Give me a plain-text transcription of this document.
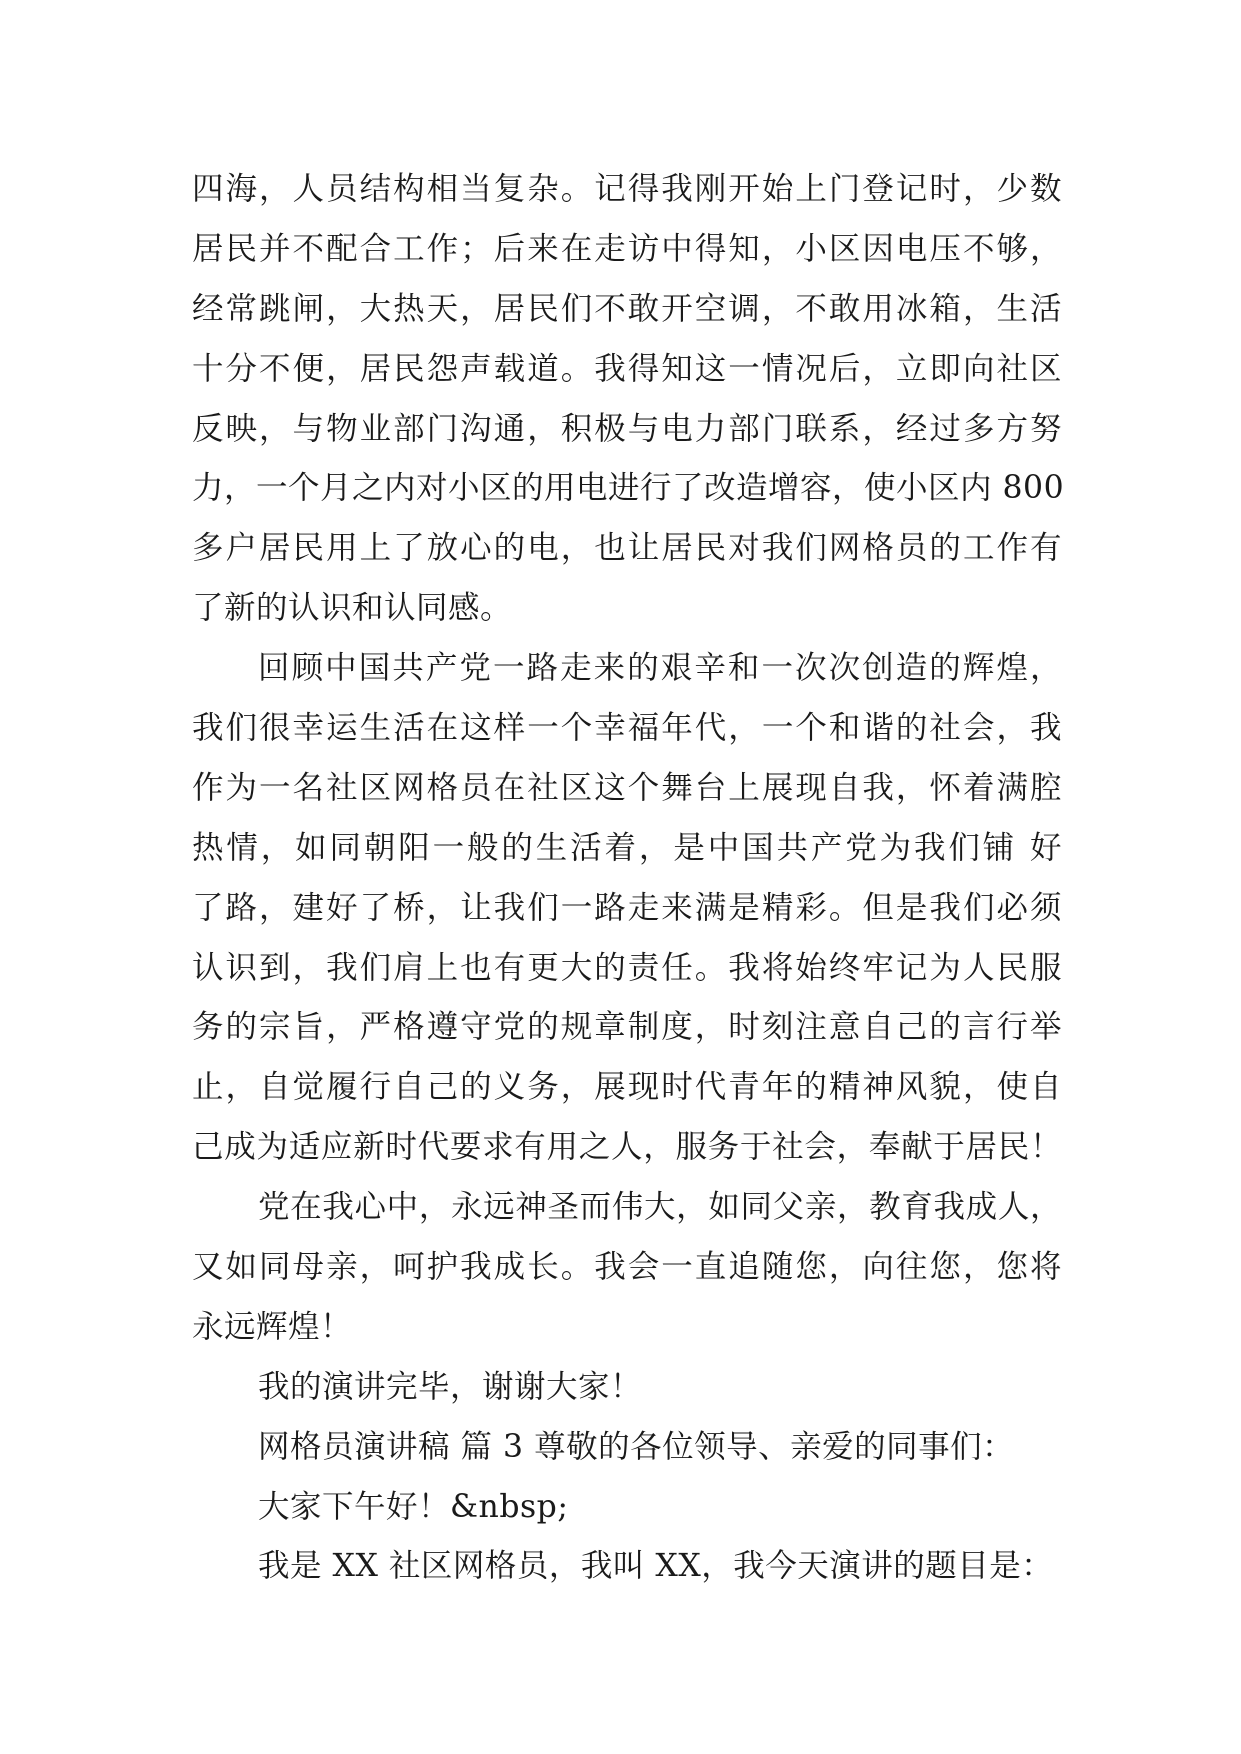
四海，人员结构相当复杂。记得我刚开始上门登记时，少数
居民并不配合工作；后来在走访中得知，小区因电压不够，
经常跳闸，大热天，居民们不敢开空调，不敢用冰箱，生活
十分不便，居民怨声载道。我得知这一情况后，立即向社区
反映，与物业部门沟通，积极与电力部门联系，经过多方努
力，一个月之内对小区的用电进行了改造增容，使小区内 800
多户居民用上了放心的电，也让居民对我们网格员的工作有
了新的认识和认同感。
回顾中国共产党一路走来的艰辛和一次次创造的辉煌，
我们很幸运生活在这样一个幸福年代，一个和谐的社会，我
作为一名社区网格员在社区这个舞台上展现自我，怀着满腔
热情，如同朝阳一般的生活着，是中国共产党为我们铺 好
了路，建好了桥，让我们一路走来满是精彩。但是我们必须
认识到，我们肩上也有更大的责任。我将始终牢记为人民服
务的宗旨，严格遵守党的规章制度，时刻注意自己的言行举
止，自觉履行自己的义务，展现时代青年的精神风貌，使自
己成为适应新时代要求有用之人，服务于社会，奉献于居民！
党在我心中，永远神圣而伟大，如同父亲，教育我成人，
又如同母亲，呵护我成长。我会一直追随您，向往您，您将
永远辉煌！
我的演讲完毕，谢谢大家！
网格员演讲稿 篇 3 尊敬的各位领导、亲爱的同事们：
大家下午好！&nbsp;
我是 XX 社区网格员，我叫 XX，我今天演讲的题目是：
